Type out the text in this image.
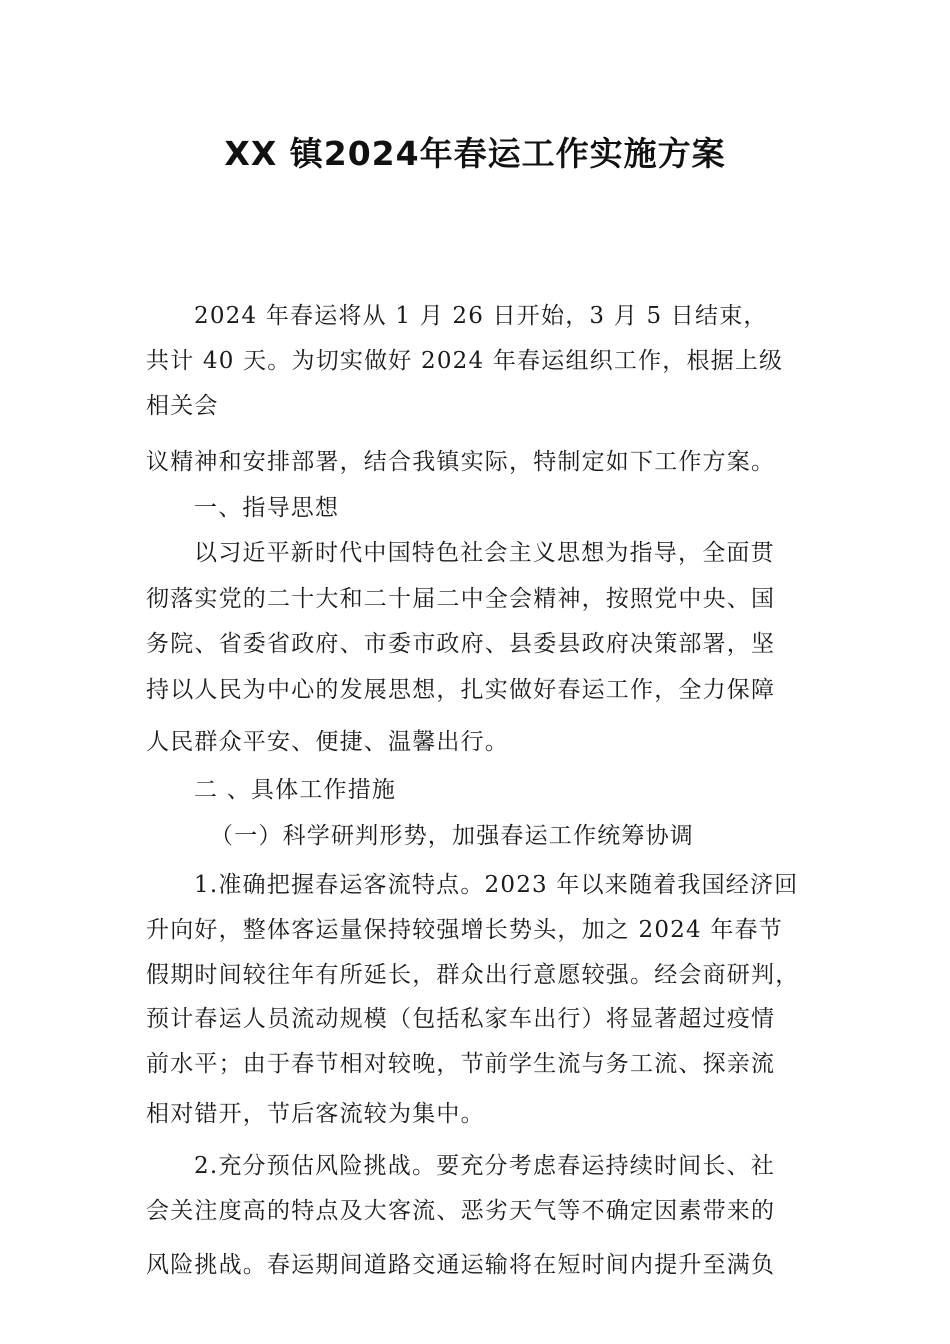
XX 镇2024年春运工作实施方案
2024 年春运将从 1 月 26 日开始，3 月 5 日结束，
共计 40 天。为切实做好 2024 年春运组织工作，根据上级
相关会
议精神和安排部署，结合我镇实际，特制定如下工作方案。
一、指导思想
以习近平新时代中国特色社会主义思想为指导，全面贯
彻落实党的二十大和二十届二中全会精神，按照党中央、国
务院、省委省政府、市委市政府、县委县政府决策部署，坚
持以人民为中心的发展思想，扎实做好春运工作，全力保障
人民群众平安、便捷、温馨出行。
二 、具体工作措施
（一）科学研判形势，加强春运工作统筹协调
1.准确把握春运客流特点。2023 年以来随着我国经济回
升向好，整体客运量保持较强增长势头，加之 2024 年春节
假期时间较往年有所延长，群众出行意愿较强。经会商研判，
预计春运人员流动规模（包括私家车出行）将显著超过疫情
前水平；由于春节相对较晚，节前学生流与务工流、探亲流
相对错开，节后客流较为集中。
2.充分预估风险挑战。要充分考虑春运持续时间长、社
会关注度高的特点及大客流、恶劣天气等不确定因素带来的
风险挑战。春运期间道路交通运输将在短时间内提升至满负
